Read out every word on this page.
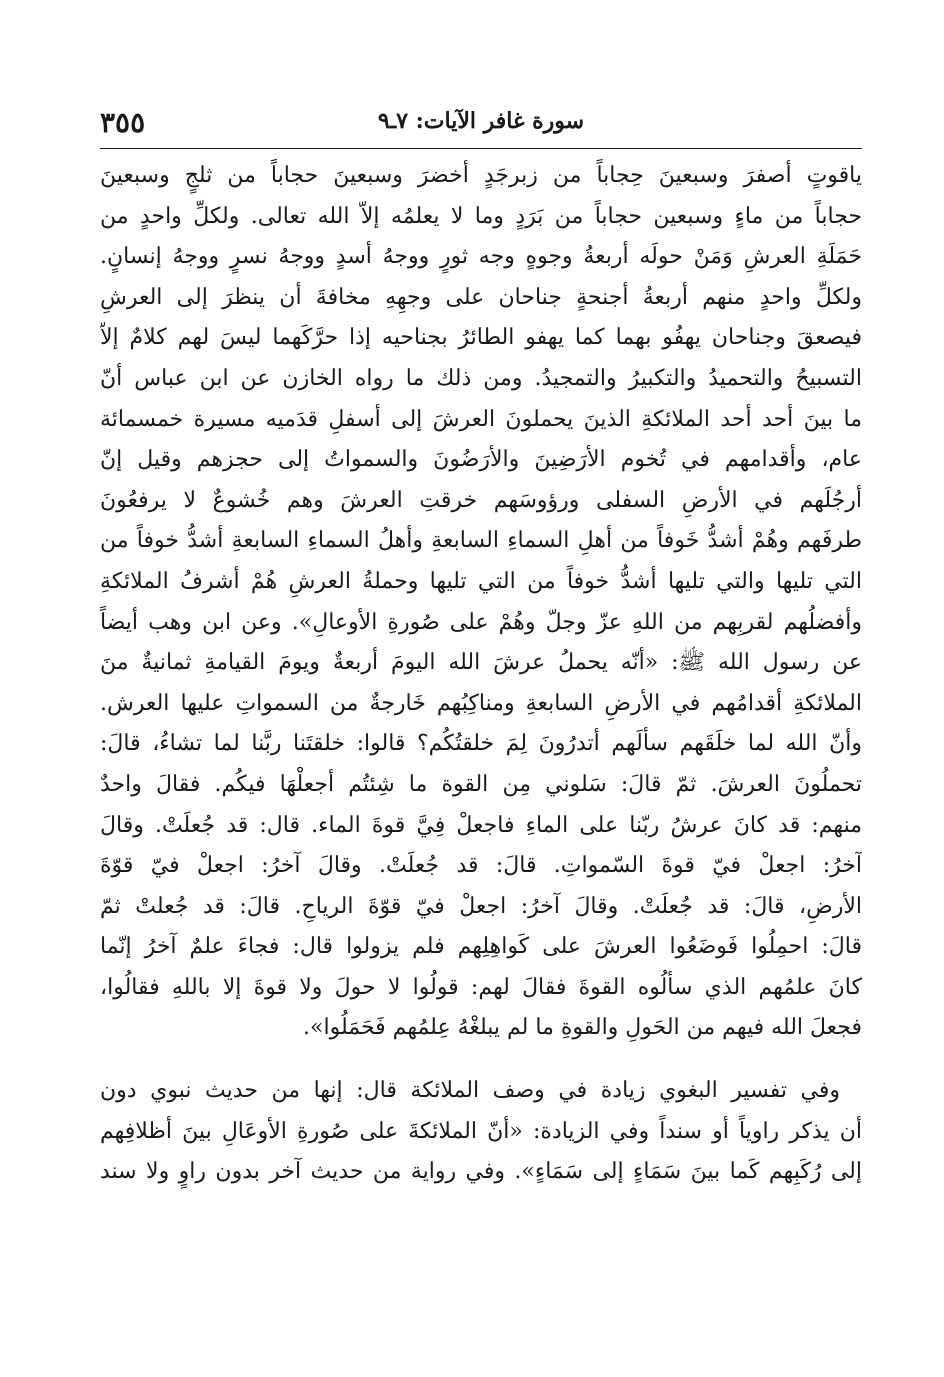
سورة غافر الآيات: ٧ـ٩
٣٥٥
ياقوتٍ أصفرَ وسبعينَ حِجاباً من زبرجَدٍ أخضرَ وسبعينَ حجاباً من ثلجٍ وسبعينَ
حجاباً من ماءٍ وسبعين حجاباً من بَرَدٍ وما لا يعلمُه إلاّ الله تعالى. ولكلِّ واحدٍ من
حَمَلَةِ العرشِ وَمَنْ حولَه أربعةُ وجوهٍ وجه ثورٍ ووجهُ أسدٍ ووجهُ نسرٍ ووجهُ إنسانٍ.
ولكلِّ واحدٍ منهم أربعةُ أجنحةٍ جناحان على وجهِهِ مخافةَ أن ينظرَ إلى العرشِ
فيصعقَ وجناحان يهفُو بهما كما يهفو الطائرُ بجناحيه إذا حرَّكَهما ليسَ لهم كلامٌ إلاّ
التسبيحُ والتحميدُ والتكبيرُ والتمجيدُ. ومن ذلك ما رواه الخازن عن ابن عباس أنّ
ما بينَ أحد أحد الملائكةِ الذينَ يحملونَ العرشَ إلى أسفلِ قدَميه مسيرة خمسمائة
عام، وأقدامهم في تُخوم الأرَضِينَ والأرَضُونَ والسمواتُ إلى حجزهم وقيل إنّ
أرجُلَهم في الأرضِ السفلى ورؤوسَهم خرقتِ العرشَ وهم خُشوعٌ لا يرفعُونَ
طرفَهم وهُمْ أشدُّ خَوفاً من أهلِ السماءِ السابعةِ وأهلُ السماءِ السابعةِ أشدُّ خوفاً من
التي تليها والتي تليها أشدُّ خوفاً من التي تليها وحملةُ العرشِ هُمْ أشرفُ الملائكةِ
وأفضلُهم لقربِهم من اللهِ عزّ وجلّ وهُمْ على صُورةِ الأوعالِ». وعن ابن وهب أيضاً
عن رسول الله ﷺ: «أنّه يحملُ عرشَ الله اليومَ أربعةٌ ويومَ القيامةِ ثمانيةٌ منَ
الملائكةِ أقدامُهم في الأرضِ السابعةِ ومناكِبُهم خَارجةٌ من السمواتِ عليها العرش.
وأنّ الله لما خلَقَهم سألَهم أتدرُونَ لِمَ خلقتُكُم؟ قالوا: خلقتَنا ربَّنا لما تشاءُ، قالَ:
تحملُونَ العرشَ. ثمّ قالَ: سَلوني مِن القوة ما شِئتُم أجعلْهَا فيكُم. فقالَ واحدٌ
منهم: قد كانَ عرشُ ربّنا على الماءِ فاجعلْ فِيَّ قوةَ الماء. قال: قد جُعلَتْ. وقالَ
آخرُ: اجعلْ فيّ قوةَ السّمواتِ. قالَ: قد جُعلَتْ. وقالَ آخرُ: اجعلْ فيّ قوّةَ
الأرضِ، قالَ: قد جُعلَتْ. وقالَ آخرُ: اجعلْ فيّ قوّةَ الرياحِ. قالَ: قد جُعلتْ ثمّ
قالَ: احمِلُوا فَوضَعُوا العرشَ على كَواهِلِهم فلم يزولوا قال: فجاءَ علمٌ آخرُ إنّما
كانَ علمُهم الذي سألُوه القوةَ فقالَ لهم: قولُوا لا حولَ ولا قوةَ إلا باللهِ فقالُوا،
فجعلَ الله فيهم من الحَولِ والقوةِ ما لم يبلغْهُ عِلمُهم فَحَمَلُوا».
وفي تفسير البغوي زيادة في وصف الملائكة قال: إنها من حديث نبوي دون
أن يذكر راوياً أو سنداً وفي الزيادة: «أنّ الملائكةَ على صُورةِ الأوعَالِ بينَ أظلافِهم
إلى رُكَبِهم كَما بينَ سَمَاءٍ إلى سَمَاءٍ». وفي رواية من حديث آخر بدون راوٍ ولا سند
